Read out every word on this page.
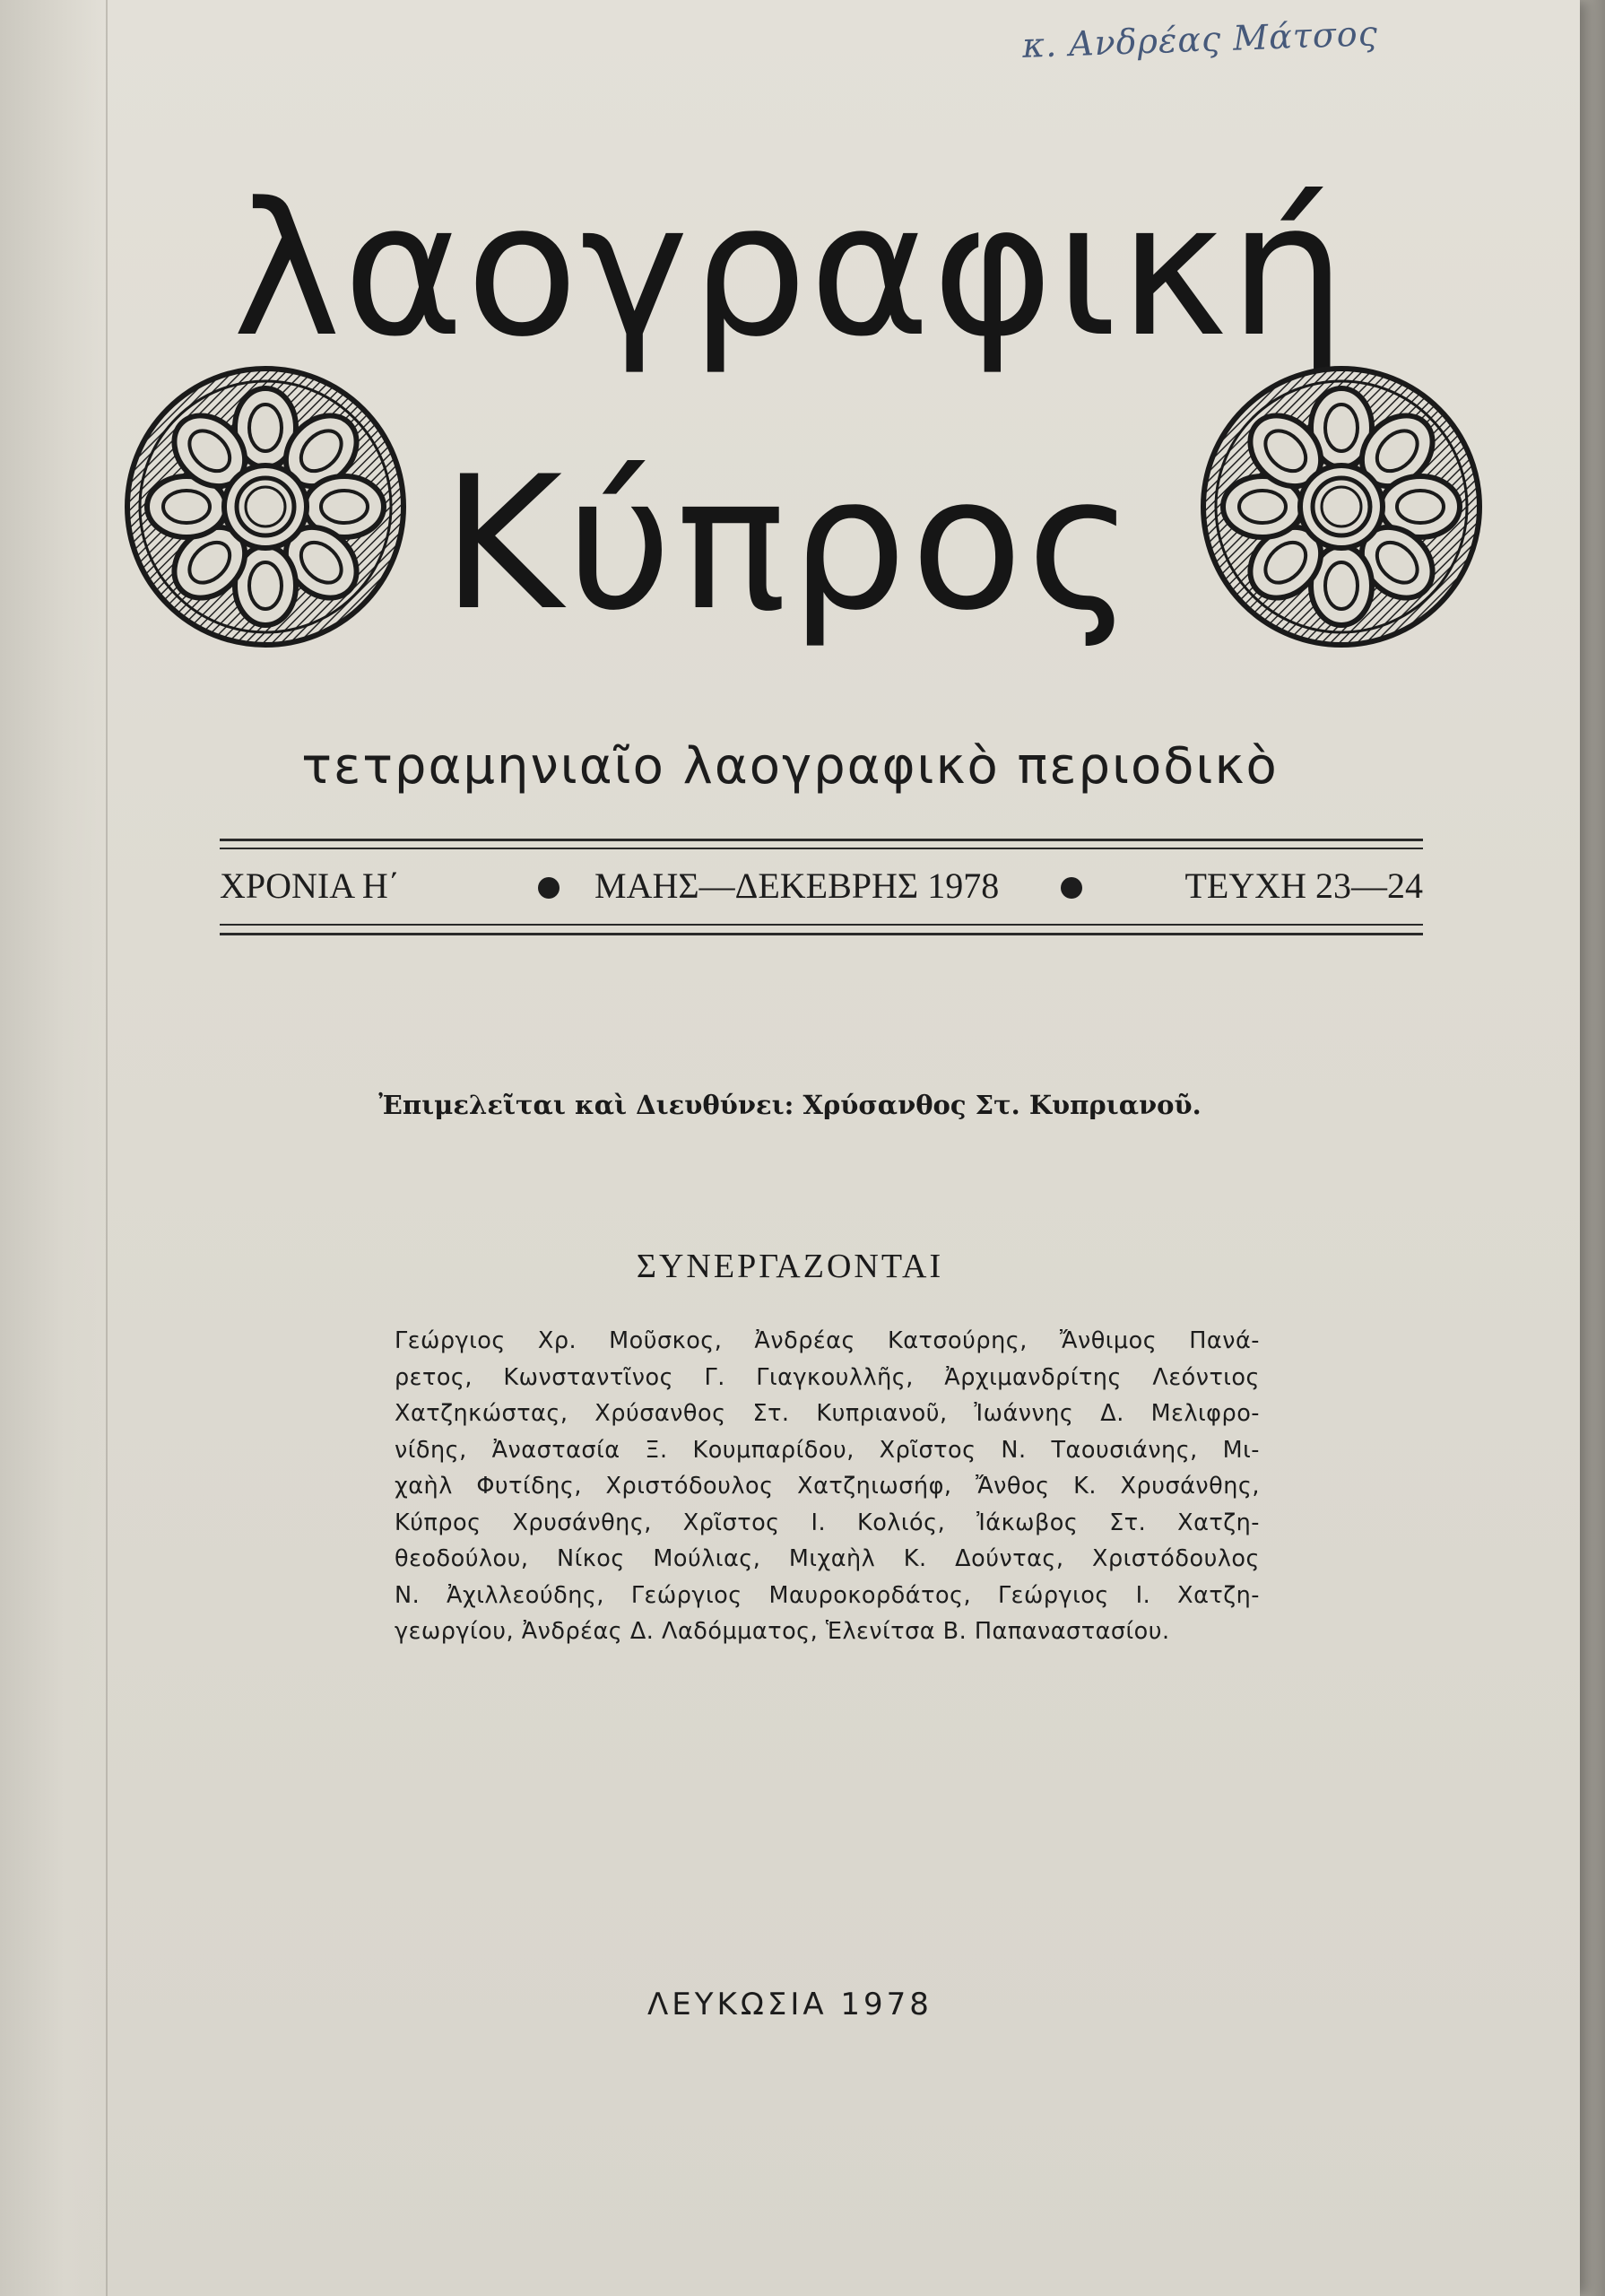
κ. Ανδρέας Μάτσος
λαογραφική
Κύπρος
τετραμηνιαῖο λαογραφικὸ περιοδικὸ
ΧΡΟΝΙΑ Η΄	ΜΑΗΣ—ΔΕΚΕΒΡΗΣ 1978	ΤΕΥΧΗ 23—24
Ἐπιμελεῖται καὶ Διευθύνει: Χρύσανθος Στ. Κυπριανοῦ.
ΣΥΝΕΡΓΑΖΟΝΤΑΙ
Γεώργιος Χρ. Μοῦσκος, Ἀνδρέας Κατσούρης, Ἄνθιμος Πανά-
ρετος, Κωνσταντῖνος Γ. Γιαγκουλλῆς, Ἀρχιμανδρίτης Λεόντιος
Χατζηκώστας, Χρύσανθος Στ. Κυπριανοῦ, Ἰωάννης Δ. Μελιφρο-
νίδης, Ἀναστασία Ξ. Κουμπαρίδου, Χρῖστος Ν. Ταουσιάνης, Μι-
χαὴλ Φυτίδης, Χριστόδουλος Χατζηιωσήφ, Ἄνθος Κ. Χρυσάνθης,
Κύπρος Χρυσάνθης, Χρῖστος Ι. Κολιός, Ἰάκωβος Στ. Χατζη-
θεοδούλου, Νίκος Μούλιας, Μιχαὴλ Κ. Δούντας, Χριστόδουλος
Ν. Ἀχιλλεούδης, Γεώργιος Μαυροκορδάτος, Γεώργιος Ι. Χατζη-
γεωργίου, Ἀνδρέας Δ. Λαδόμματος, Ἑλενίτσα Β. Παπαναστασίου.
ΛΕΥΚΩΣΙΑ 1978
